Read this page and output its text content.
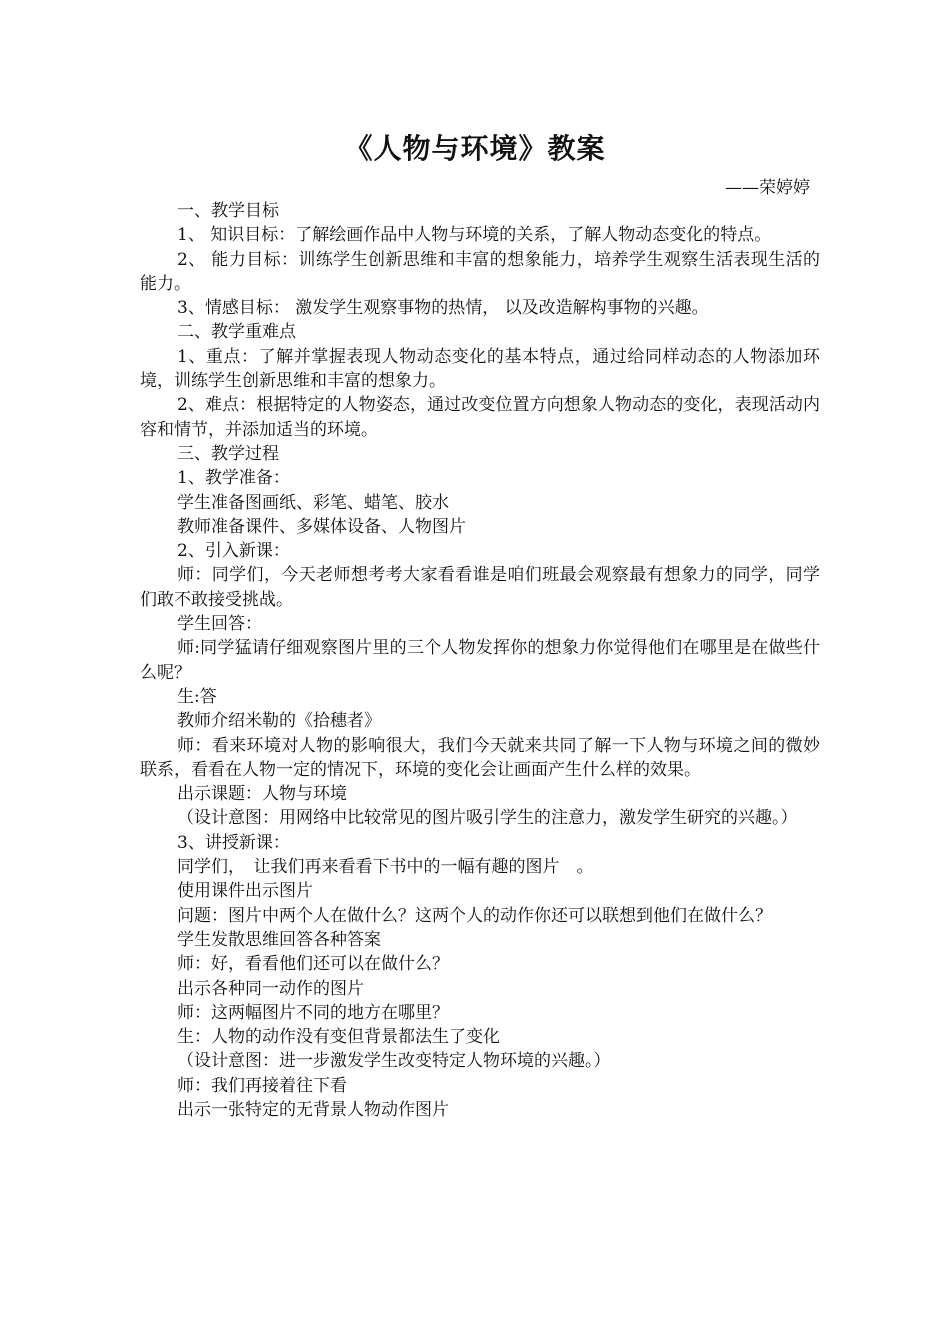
《人物与环境》教案
——荣婷婷

一、教学目标

1、 知识目标：了解绘画作品中人物与环境的关系，了解人物动态变化的特点。

2、 能力目标：训练学生创新思维和丰富的想象能力，培养学生观察生活表现生活的能力。

3、情感目标： 激发学生观察事物的热情， 以及改造解构事物的兴趣。

二、教学重难点

1、重点：了解并掌握表现人物动态变化的基本特点，通过给同样动态的人物添加环境，训练学生创新思维和丰富的想象力。

2、难点：根据特定的人物姿态，通过改变位置方向想象人物动态的变化，表现活动内容和情节，并添加适当的环境。

三、教学过程

1、教学准备：

学生准备图画纸、彩笔、蜡笔、胶水

教师准备课件、多媒体设备、人物图片

2、引入新课：

师：同学们，今天老师想考考大家看看谁是咱们班最会观察最有想象力的同学，同学们敢不敢接受挑战。

学生回答：

师:同学猛请仔细观察图片里的三个人物发挥你的想象力你觉得他们在哪里是在做些什么呢？

生:答

教师介绍米勒的《拾穗者》

师：看来环境对人物的影响很大，我们今天就来共同了解一下人物与环境之间的微妙联系，看看在人物一定的情况下，环境的变化会让画面产生什么样的效果。

出示课题：人物与环境

（设计意图：用网络中比较常见的图片吸引学生的注意力，激发学生研究的兴趣。）

3、讲授新课：

同学们，　让我们再来看看下书中的一幅有趣的图片　。

使用课件出示图片

问题：图片中两个人在做什么？这两个人的动作你还可以联想到他们在做什么？

学生发散思维回答各种答案

师：好，看看他们还可以在做什么？

出示各种同一动作的图片

师：这两幅图片不同的地方在哪里？

生：人物的动作没有变但背景都法生了变化

（设计意图：进一步激发学生改变特定人物环境的兴趣。）

师：我们再接着往下看

出示一张特定的无背景人物动作图片
